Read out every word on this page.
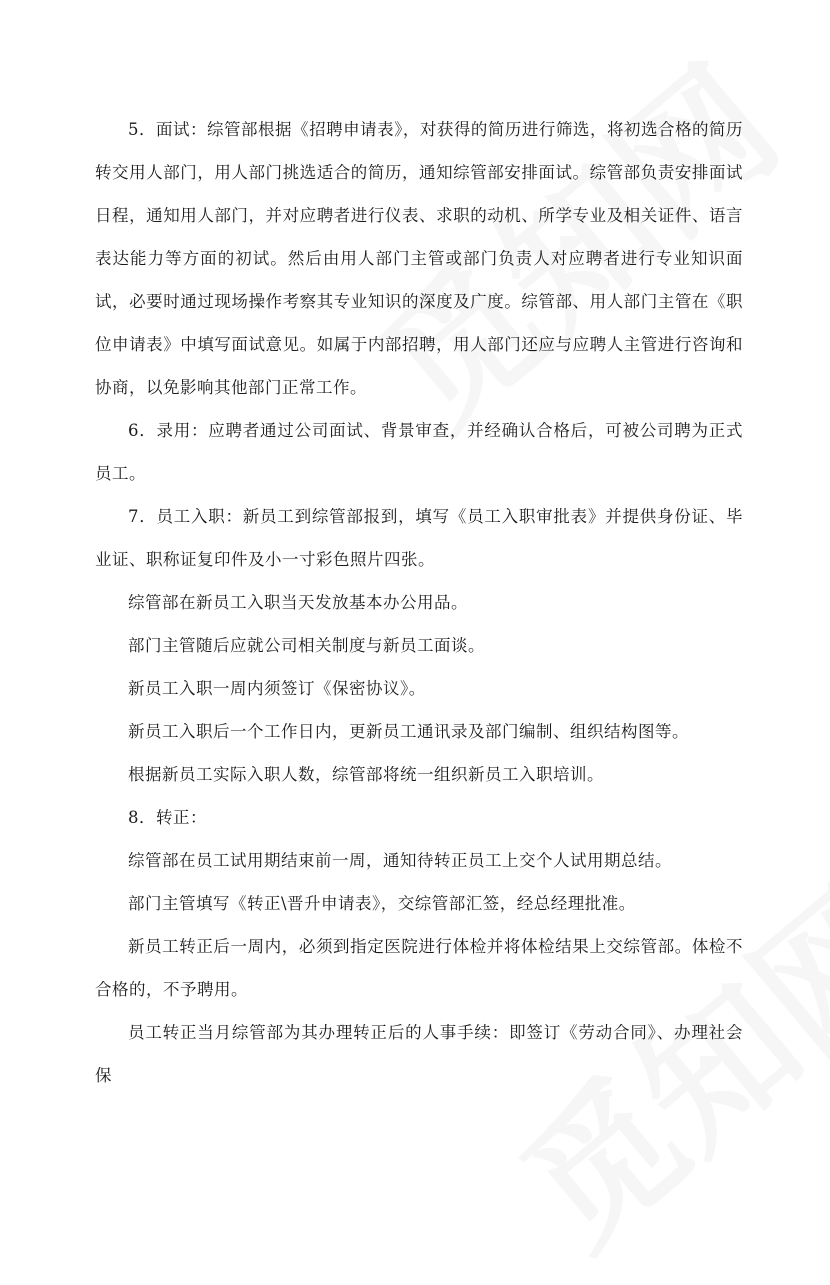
5．面试：综管部根据《招聘申请表》，对获得的简历进行筛选，将初选合格的简历转交用人部门，用人部门挑选适合的简历，通知综管部安排面试。综管部负责安排面试日程，通知用人部门，并对应聘者进行仪表、求职的动机、所学专业及相关证件、语言表达能力等方面的初试。然后由用人部门主管或部门负责人对应聘者进行专业知识面试，必要时通过现场操作考察其专业知识的深度及广度。综管部、用人部门主管在《职位申请表》中填写面试意见。如属于内部招聘，用人部门还应与应聘人主管进行咨询和协商，以免影响其他部门正常工作。

6．录用：应聘者通过公司面试、背景审查，并经确认合格后，可被公司聘为正式员工。

7．员工入职：新员工到综管部报到，填写《员工入职审批表》并提供身份证、毕业证、职称证复印件及小一寸彩色照片四张。

综管部在新员工入职当天发放基本办公用品。

部门主管随后应就公司相关制度与新员工面谈。

新员工入职一周内须签订《保密协议》。

新员工入职后一个工作日内，更新员工通讯录及部门编制、组织结构图等。

根据新员工实际入职人数，综管部将统一组织新员工入职培训。

8．转正：

综管部在员工试用期结束前一周，通知待转正员工上交个人试用期总结。

部门主管填写《转正\晋升申请表》，交综管部汇签，经总经理批准。

新员工转正后一周内，必须到指定医院进行体检并将体检结果上交综管部。体检不合格的，不予聘用。

员工转正当月综管部为其办理转正后的人事手续：即签订《劳动合同》、办理社会保
